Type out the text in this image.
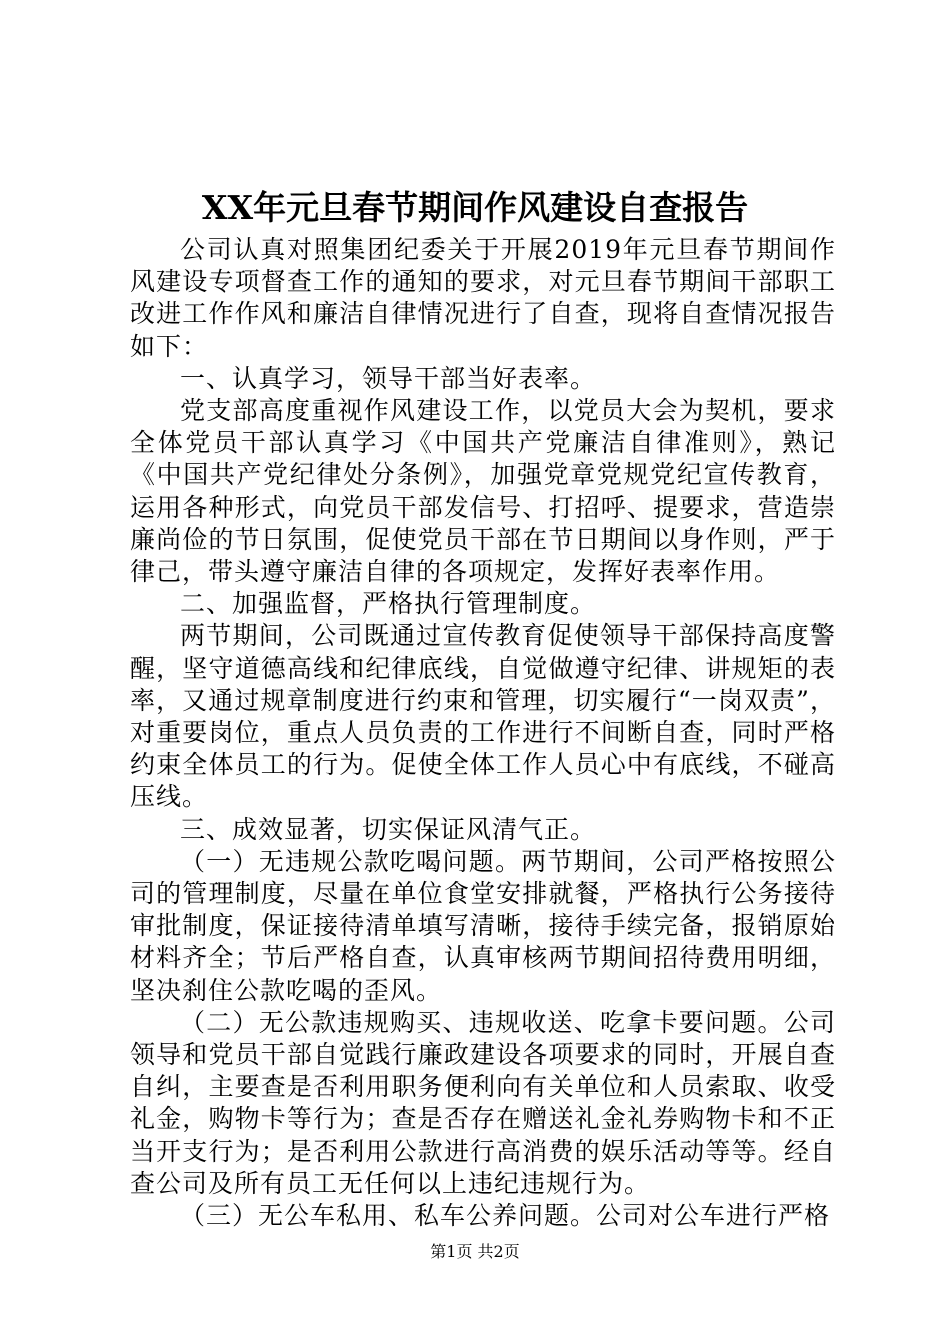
XX年元旦春节期间作风建设自查报告

公司认真对照集团纪委关于开展2019年元旦春节期间作风建设专项督查工作的通知的要求，对元旦春节期间干部职工改进工作作风和廉洁自律情况进行了自查，现将自查情况报告如下：

一、认真学习，领导干部当好表率。

党支部高度重视作风建设工作，以党员大会为契机，要求全体党员干部认真学习《中国共产党廉洁自律准则》，熟记《中国共产党纪律处分条例》，加强党章党规党纪宣传教育，运用各种形式，向党员干部发信号、打招呼、提要求，营造崇廉尚俭的节日氛围，促使党员干部在节日期间以身作则，严于律己，带头遵守廉洁自律的各项规定，发挥好表率作用。

二、加强监督，严格执行管理制度。

两节期间，公司既通过宣传教育促使领导干部保持高度警醒，坚守道德高线和纪律底线，自觉做遵守纪律、讲规矩的表率，又通过规章制度进行约束和管理，切实履行“一岗双责”，对重要岗位，重点人员负责的工作进行不间断自查，同时严格约束全体员工的行为。促使全体工作人员心中有底线，不碰高压线。

三、成效显著，切实保证风清气正。

（一）无违规公款吃喝问题。两节期间，公司严格按照公司的管理制度，尽量在单位食堂安排就餐，严格执行公务接待审批制度，保证接待清单填写清晰，接待手续完备，报销原始材料齐全；节后严格自查，认真审核两节期间招待费用明细，坚决刹住公款吃喝的歪风。

（二）无公款违规购买、违规收送、吃拿卡要问题。公司领导和党员干部自觉践行廉政建设各项要求的同时，开展自查自纠，主要查是否利用职务便利向有关单位和人员索取、收受礼金，购物卡等行为；查是否存在赠送礼金礼券购物卡和不正当开支行为；是否利用公款进行高消费的娱乐活动等等。经自查公司及所有员工无任何以上违纪违规行为。

（三）无公车私用、私车公养问题。公司对公车进行严格

第1页 共2页
